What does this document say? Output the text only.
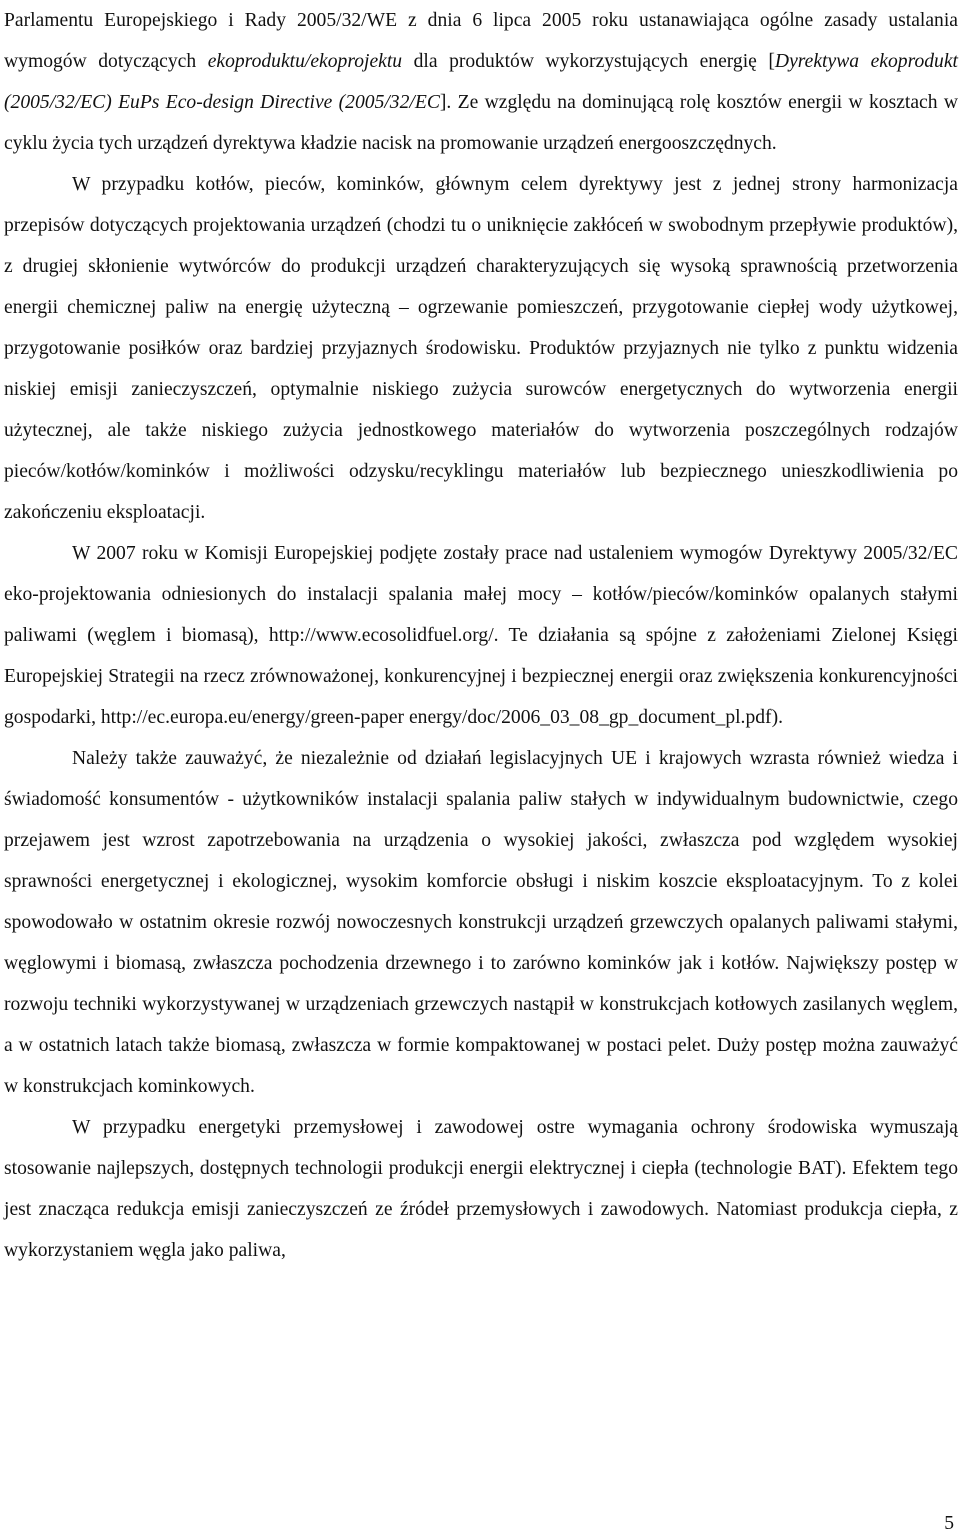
Parlamentu Europejskiego i Rady 2005/32/WE z dnia 6 lipca 2005 roku ustanawiająca ogólne zasady ustalania wymogów dotyczących ekoproduktu/ekoprojektu dla produktów wykorzystujących energię [Dyrektywa ekoprodukt (2005/32/EC) EuPs Eco-design Directive (2005/32/EC]. Ze względu na dominującą rolę kosztów energii w kosztach w cyklu życia tych urządzeń dyrektywa kładzie nacisk na promowanie urządzeń energooszczędnych.

W przypadku kotłów, pieców, kominków, głównym celem dyrektywy jest z jednej strony harmonizacja przepisów dotyczących projektowania urządzeń (chodzi tu o uniknięcie zakłóceń w swobodnym przepływie produktów), z drugiej skłonienie wytwórców do produkcji urządzeń charakteryzujących się wysoką sprawnością przetworzenia energii chemicznej paliw na energię użyteczną – ogrzewanie pomieszczeń, przygotowanie ciepłej wody użytkowej, przygotowanie posiłków oraz bardziej przyjaznych środowisku. Produktów przyjaznych nie tylko z punktu widzenia niskiej emisji zanieczyszczeń, optymalnie niskiego zużycia surowców energetycznych do wytworzenia energii użytecznej, ale także niskiego zużycia jednostkowego materiałów do wytworzenia poszczególnych rodzajów pieców/kotłów/kominków i możliwości odzysku/recyklingu materiałów lub bezpiecznego unieszkodliwienia po zakończeniu eksploatacji.

W 2007 roku w Komisji Europejskiej podjęte zostały prace nad ustaleniem wymogów Dyrektywy 2005/32/EC eko-projektowania odniesionych do instalacji spalania małej mocy – kotłów/pieców/kominków opalanych stałymi paliwami (węglem i biomasą), http://www.ecosolidfuel.org/. Te działania są spójne z założeniami Zielonej Księgi Europejskiej Strategii na rzecz zrównoważonej, konkurencyjnej i bezpiecznej energii oraz zwiększenia konkurencyjności gospodarki, http://ec.europa.eu/energy/green-paper energy/doc/2006_03_08_gp_document_pl.pdf).

Należy także zauważyć, że niezależnie od działań legislacyjnych UE i krajowych wzrasta również wiedza i świadomość konsumentów - użytkowników instalacji spalania paliw stałych w indywidualnym budownictwie, czego przejawem jest wzrost zapotrzebowania na urządzenia o wysokiej jakości, zwłaszcza pod względem wysokiej sprawności energetycznej i ekologicznej, wysokim komforcie obsługi i niskim koszcie eksploatacyjnym. To z kolei spowodowało w ostatnim okresie rozwój nowoczesnych konstrukcji urządzeń grzewczych opalanych paliwami stałymi, węglowymi i biomasą, zwłaszcza pochodzenia drzewnego i to zarówno kominków jak i kotłów. Największy postęp w rozwoju techniki wykorzystywanej w urządzeniach grzewczych nastąpił w konstrukcjach kotłowych zasilanych węglem, a w ostatnich latach także biomasą, zwłaszcza w formie kompaktowanej w postaci pelet. Duży postęp można zauważyć w konstrukcjach kominkowych.

W przypadku energetyki przemysłowej i zawodowej ostre wymagania ochrony środowiska wymuszają stosowanie najlepszych, dostępnych technologii produkcji energii elektrycznej i ciepła (technologie BAT). Efektem tego jest znacząca redukcja emisji zanieczyszczeń ze źródeł przemysłowych i zawodowych. Natomiast produkcja ciepła, z wykorzystaniem węgla jako paliwa,

5
